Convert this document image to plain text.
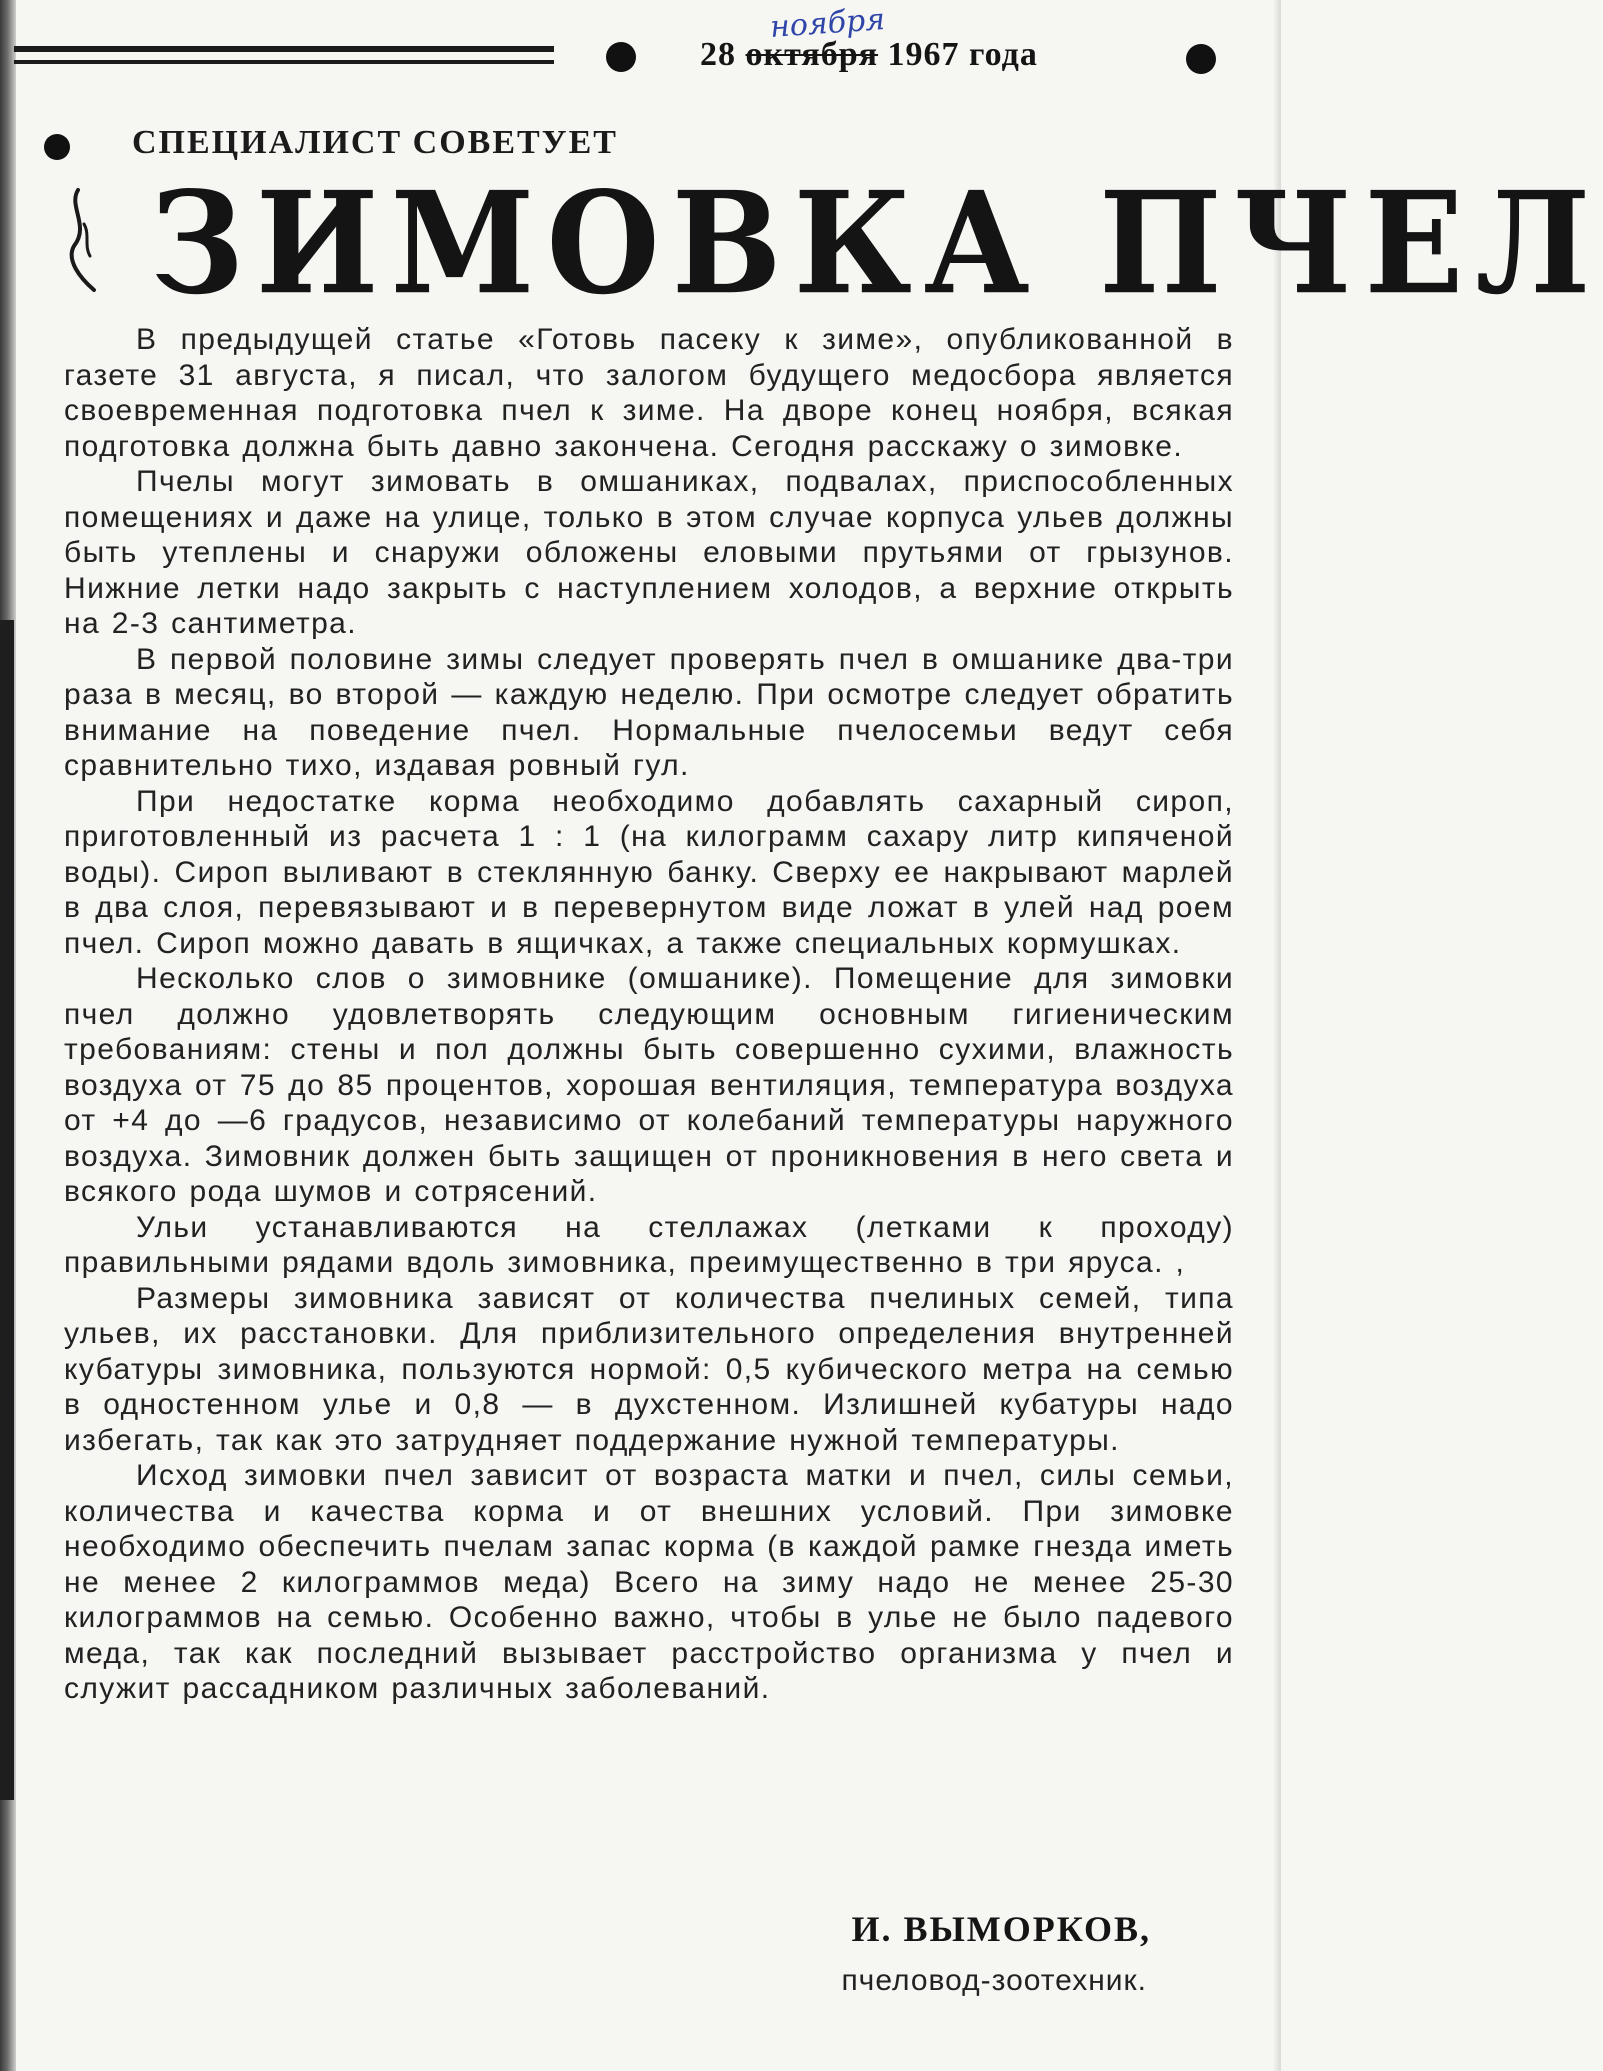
28 октября 1967 года
ноября
СПЕЦИАЛИСТ СОВЕТУЕТ
ЗИМОВКА ПЧЕЛ

В предыдущей статье «Готовь пасеку к зиме», опубликованной в газете 31 августа, я писал, что залогом будущего медосбора является своевременная подготовка пчел к зиме. На дворе конец ноября, всякая подготовка должна быть давно закончена. Сегодня расскажу о зимовке.

Пчелы могут зимовать в омшаниках, подвалах, приспособленных помещениях и даже на улице, только в этом случае корпуса ульев должны быть утеплены и снаружи обложены еловыми прутьями от грызунов. Нижние летки надо закрыть с наступлением холодов, а верхние открыть на 2-3 сантиметра.

В первой половине зимы следует проверять пчел в омшанике два-три раза в месяц, во второй — каждую неделю. При осмотре следует обратить внимание на поведение пчел. Нормальные пчелосемьи ведут себя сравнительно тихо, издавая ровный гул.

При недостатке корма необходимо добавлять сахарный сироп, приготовленный из расчета 1 : 1 (на килограмм сахару литр кипяченой воды). Сироп выливают в стеклянную банку. Сверху ее накрывают марлей в два слоя, перевязывают и в перевернутом виде ложат в улей над роем пчел. Сироп можно давать в ящичках, а также специальных кормушках.

Несколько слов о зимовнике (омшанике). Помещение для зимовки пчел должно удовлетворять следующим основным гигиеническим требованиям: стены и пол должны быть совершенно сухими, влажность воздуха от 75 до 85 процентов, хорошая вентиляция, температура воздуха от +4 до —6 градусов, независимо от колебаний температуры наружного воздуха. Зимовник должен быть защищен от проникновения в него света и всякого рода шумов и сотрясений.

Ульи устанавливаются на стеллажах (летками к проходу) правильными рядами вдоль зимовника, преимущественно в три яруса. ,

Размеры зимовника зависят от количества пчелиных семей, типа ульев, их расстановки. Для приблизительного определения внутренней кубатуры зимовника, пользуются нормой: 0,5 кубического метра на семью в одностенном улье и 0,8 — в духстенном. Излишней кубатуры надо избегать, так как это затрудняет поддержание нужной температуры.

Исход зимовки пчел зависит от возраста матки и пчел, силы семьи, количества и качества корма и от внешних условий. При зимовке необходимо обеспечить пчелам запас корма (в каждой рамке гнезда иметь не менее 2 килограммов меда) Всего на зиму надо не менее 25-30 килограммов на семью. Особенно важно, чтобы в улье не было падевого меда, так как последний вызывает расстройство организма у пчел и служит рассадником различных заболеваний.

И. ВЫМОРКОВ,
пчеловод-зоотехник.
